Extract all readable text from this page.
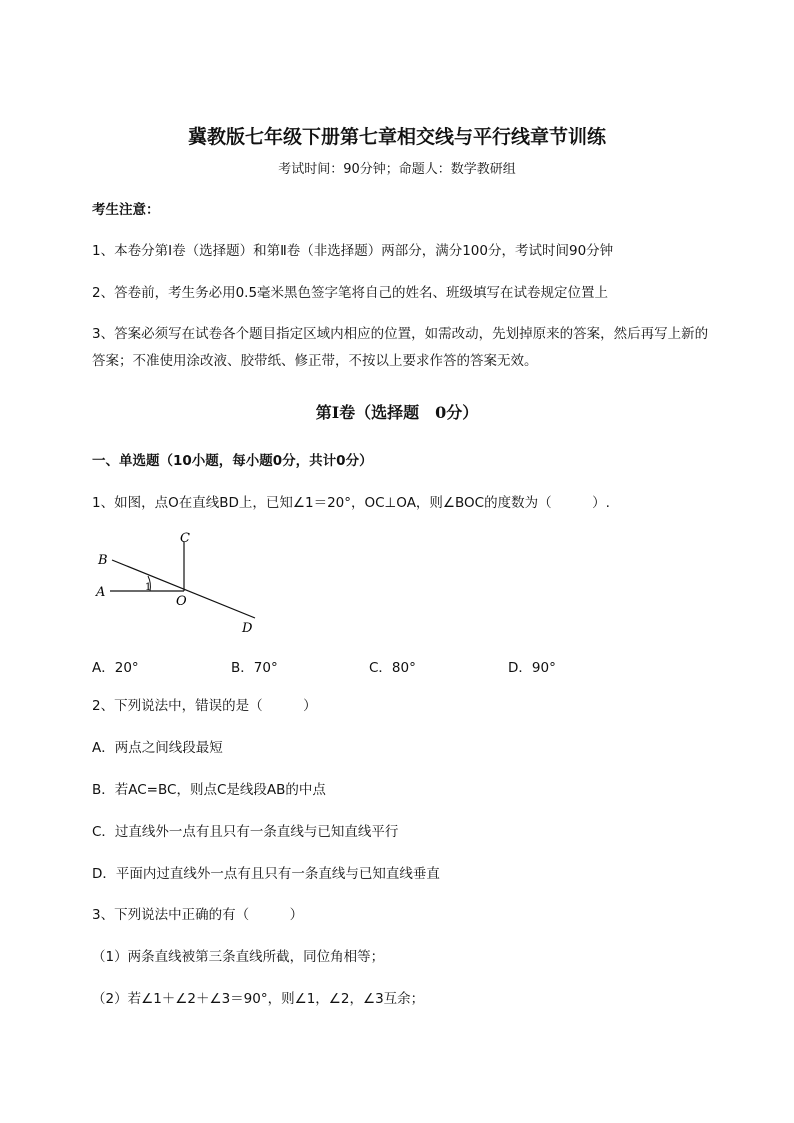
冀教版七年级下册第七章相交线与平行线章节训练
考试时间：90分钟；命题人：数学教研组
考生注意：
1、本卷分第I卷（选择题）和第Ⅱ卷（非选择题）两部分，满分100分，考试时间90分钟
2、答卷前，考生务必用0.5毫米黑色签字笔将自己的姓名、班级填写在试卷规定位置上
3、答案必须写在试卷各个题目指定区域内相应的位置，如需改动，先划掉原来的答案，然后再写上新的答案；不准使用涂改液、胶带纸、修正带，不按以上要求作答的答案无效。
第I卷（选择题　0分）
一、单选题（10小题，每小题0分，共计0分）
1、如图，点O在直线BD上，已知∠1＝20°，OC⊥OA，则∠BOC的度数为（　　　）.
B
A
C
O
D
1
A．20°	B．70°	C．80°	D．90°
2、下列说法中，错误的是（　　　）
A．两点之间线段最短
B．若AC=BC，则点C是线段AB的中点
C．过直线外一点有且只有一条直线与已知直线平行
D．平面内过直线外一点有且只有一条直线与已知直线垂直
3、下列说法中正确的有（　　　）
（1）两条直线被第三条直线所截，同位角相等；
（2）若∠1＋∠2＋∠3＝90°，则∠1，∠2，∠3互余；
